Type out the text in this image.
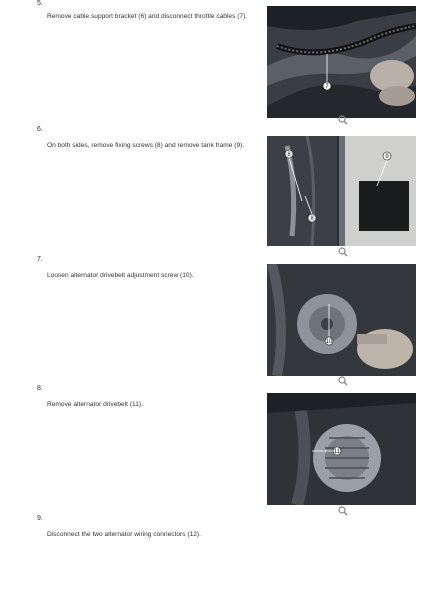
5.
Remove cable support bracket (6) and disconnect throttle cables (7).
7
6.
On both sides, remove fixing screws (8) and remove tank frame (9).
8	9
8
7.
Loosen alternator drivebelt adjustment screw (10).
10
8.
Remove alternator drivebelt (11).
11
9.
Disconnect the two alternator wiring connectors (12).
